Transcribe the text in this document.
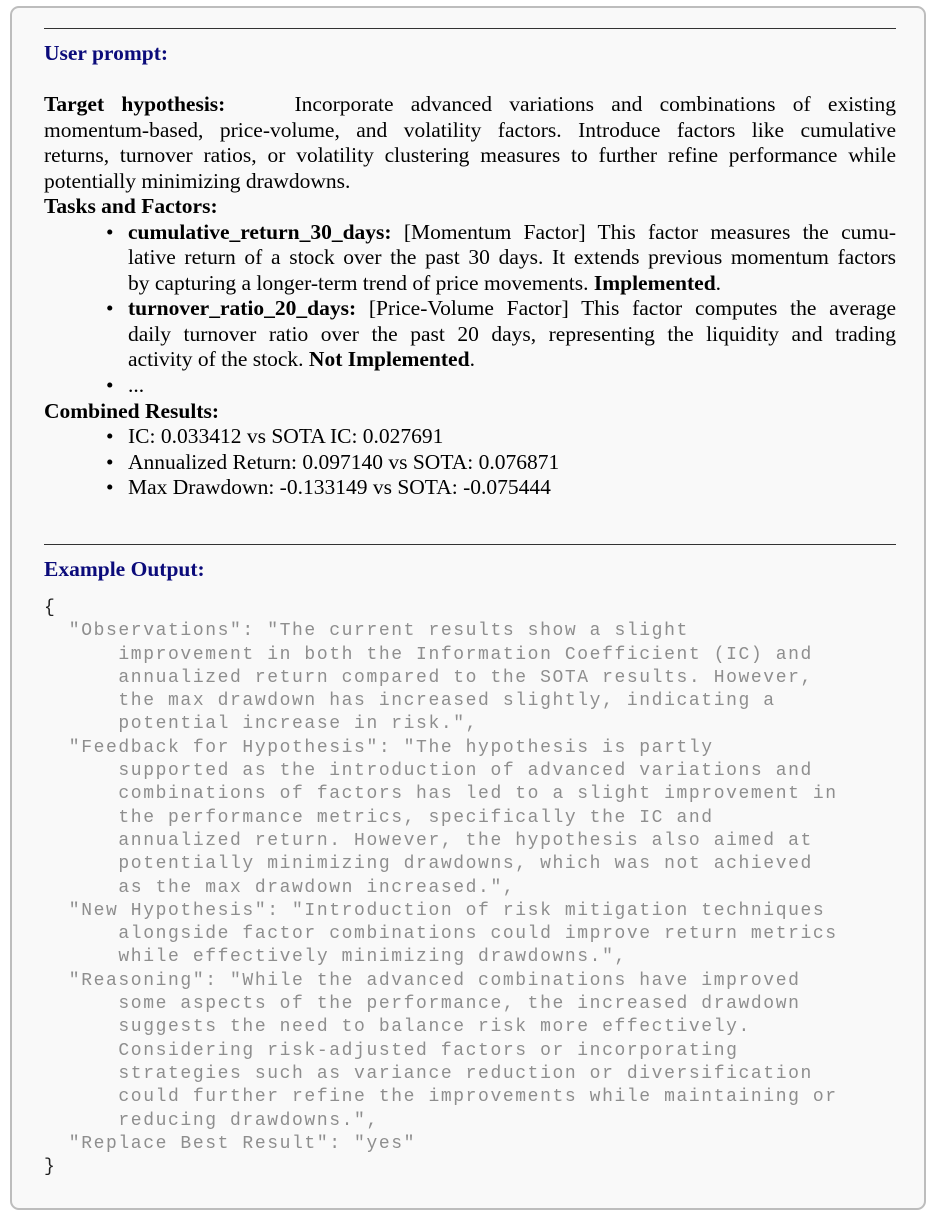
User prompt:
Target hypothesis:	Incorporate advanced variations and combinations of existing
momentum-based, price-volume, and volatility factors. Introduce factors like cumulative
returns, turnover ratios, or volatility clustering measures to further refine performance while
potentially minimizing drawdowns.
Tasks and Factors:
• cumulative_return_30_days: [Momentum Factor] This factor measures the cumu-
lative return of a stock over the past 30 days. It extends previous momentum factors
by capturing a longer-term trend of price movements. Implemented.
• turnover_ratio_20_days: [Price-Volume Factor] This factor computes the average
daily turnover ratio over the past 20 days, representing the liquidity and trading
activity of the stock. Not Implemented.
• ...
Combined Results:
• IC: 0.033412 vs SOTA IC: 0.027691
• Annualized Return: 0.097140 vs SOTA: 0.076871
• Max Drawdown: -0.133149 vs SOTA: -0.075444
Example Output:
{
"Observations": "The current results show a slight
improvement in both the Information Coefficient (IC) and
annualized return compared to the SOTA results. However,
the max drawdown has increased slightly, indicating a
potential increase in risk.",
"Feedback for Hypothesis": "The hypothesis is partly
supported as the introduction of advanced variations and
combinations of factors has led to a slight improvement in
the performance metrics, specifically the IC and
annualized return. However, the hypothesis also aimed at
potentially minimizing drawdowns, which was not achieved
as the max drawdown increased.",
"New Hypothesis": "Introduction of risk mitigation techniques
alongside factor combinations could improve return metrics
while effectively minimizing drawdowns.",
"Reasoning": "While the advanced combinations have improved
some aspects of the performance, the increased drawdown
suggests the need to balance risk more effectively.
Considering risk-adjusted factors or incorporating
strategies such as variance reduction or diversification
could further refine the improvements while maintaining or
reducing drawdowns.",
"Replace Best Result": "yes"
}
